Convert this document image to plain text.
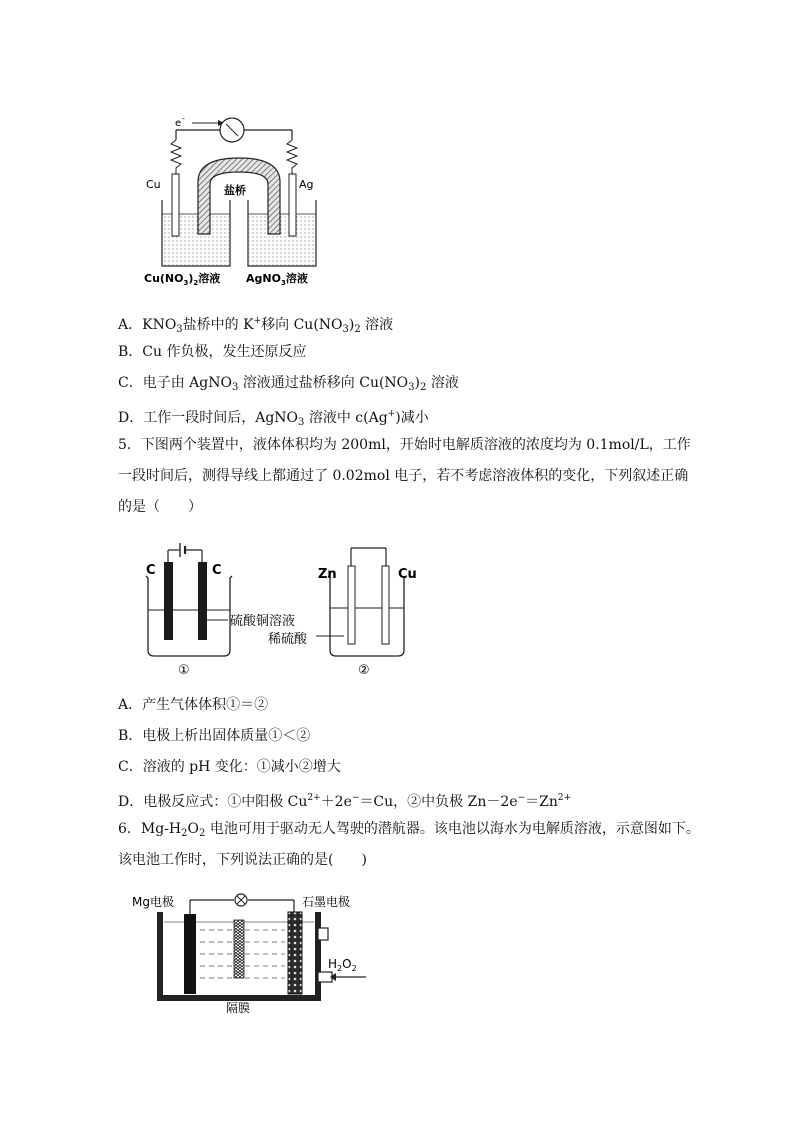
e -
盐桥
Cu	Ag
$Cu(NO_3)_2$溶液 AgNO$_3$溶液
A．$KNO_3$盐桥中的 K+移向 $Cu(NO_3)_2$ 溶液
B．Cu 作负极，发生还原反应
C．电子由 AgNO$_3$ 溶液通过盐桥移向 $Cu(NO_3)_2$ 溶液
D．工作一段时间后，AgNO$_3$ 溶液中 c(Ag+)减小
5．下图两个装置中，液体体积均为 200ml，开始时电解质溶液的浓度均为 0.1mol/L，工作
一段时间后，测得导线上都通过了 0.02mol 电子，若不考虑溶液体积的变化，下列叙述正确
的是（　　）
C	C
硫酸铜溶液
稀硫酸
①
Zn	Cu
②
A．产生气体体积①＝②
B．电极上析出固体质量①＜②
C．溶液的 pH 变化：①减小②增大
D．电极反应式：①中阳极 $Cu^{2+}+2e^-=Cu$，②中负极 $Zn-2e^-=Zn^{2+}$
6．$Mg-H_2O_2$ 电池可用于驱动无人驾驶的潜航器。该电池以海水为电解质溶液，示意图如下。
该电池工作时，下列说法正确的是(　　)
Mg电极	石墨电极
$H_2O_2$
隔膜
